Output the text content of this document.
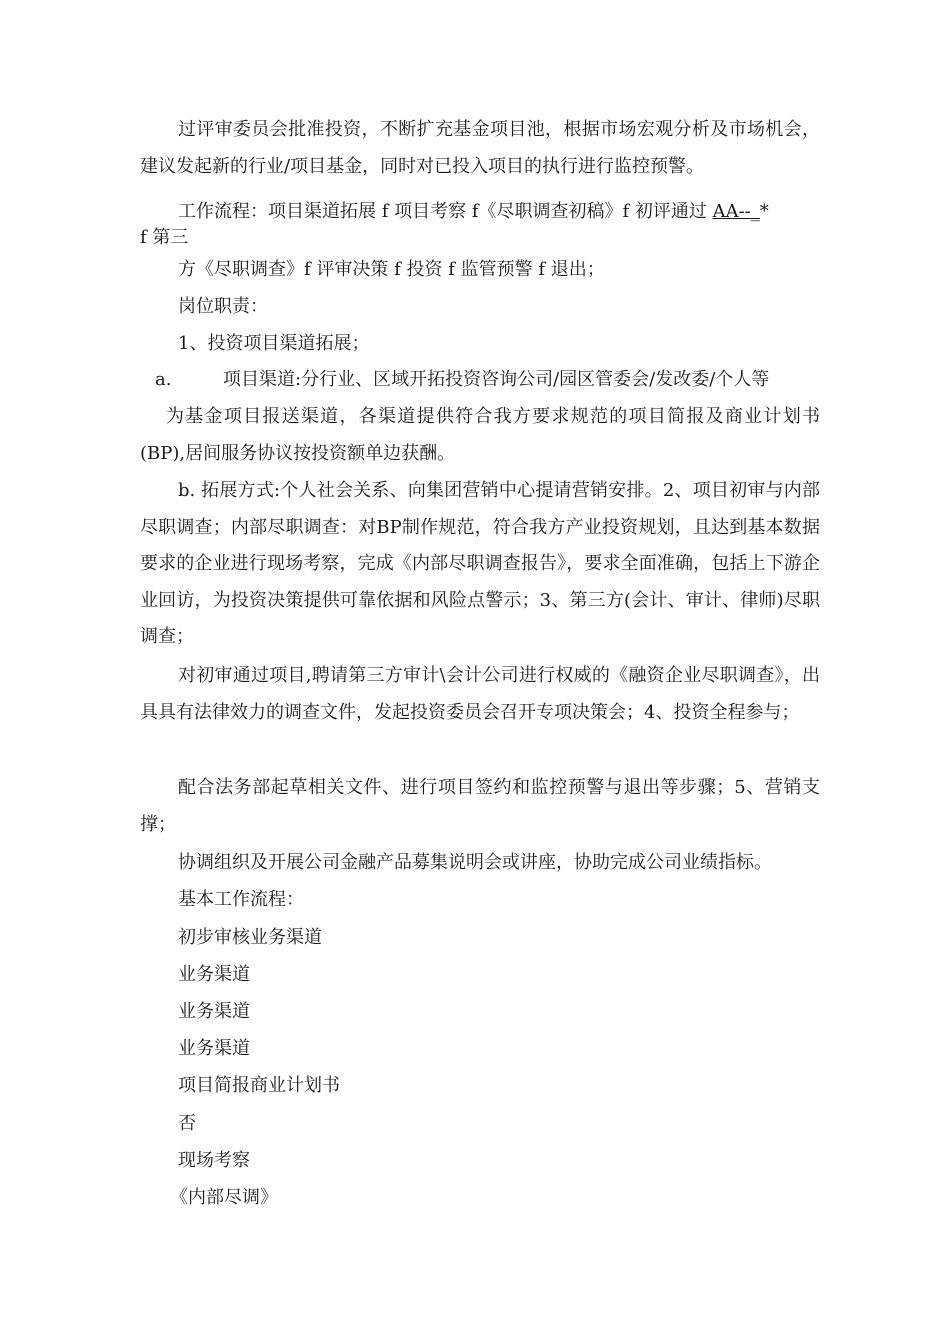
过评审委员会批准投资，不断扩充基金项目池，根据市场宏观分析及市场机会，建议发起新的行业/项目基金，同时对已投入项目的执行进行监控预警。

工作流程：项目渠道拓展 f 项目考察 f《尽职调查初稿》f 初评通过 AA--_*
f 第三
方《尽职调查》f 评审决策 f 投资 f 监管预警 f 退出；
岗位职责：
1、投资项目渠道拓展；
a.	项目渠道:分行业、区域开拓投资咨询公司/园区管委会/发改委/个人等

为基金项目报送渠道，各渠道提供符合我方要求规范的项目简报及商业计划书(BP),居间服务协议按投资额单边获酬。

b. 拓展方式:个人社会关系、向集团营销中心提请营销安排。2、项目初审与内部尽职调查；内部尽职调查：对BP制作规范，符合我方产业投资规划，且达到基本数据要求的企业进行现场考察，完成《内部尽职调查报告》，要求全面准确，包括上下游企业回访，为投资决策提供可靠依据和风险点警示；3、第三方(会计、审计、律师)尽职调查；

对初审通过项目,聘请第三方审计\会计公司进行权威的《融资企业尽职调查》，出具具有法律效力的调查文件，发起投资委员会召开专项决策会；4、投资全程参与；

配合法务部起草相关文件、进行项目签约和监控预警与退出等步骤；5、营销支撑；

协调组织及开展公司金融产品募集说明会或讲座，协助完成公司业绩指标。

基本工作流程：
初步审核业务渠道
业务渠道
业务渠道
业务渠道
项目简报商业计划书
否
现场考察
《内部尽调》
